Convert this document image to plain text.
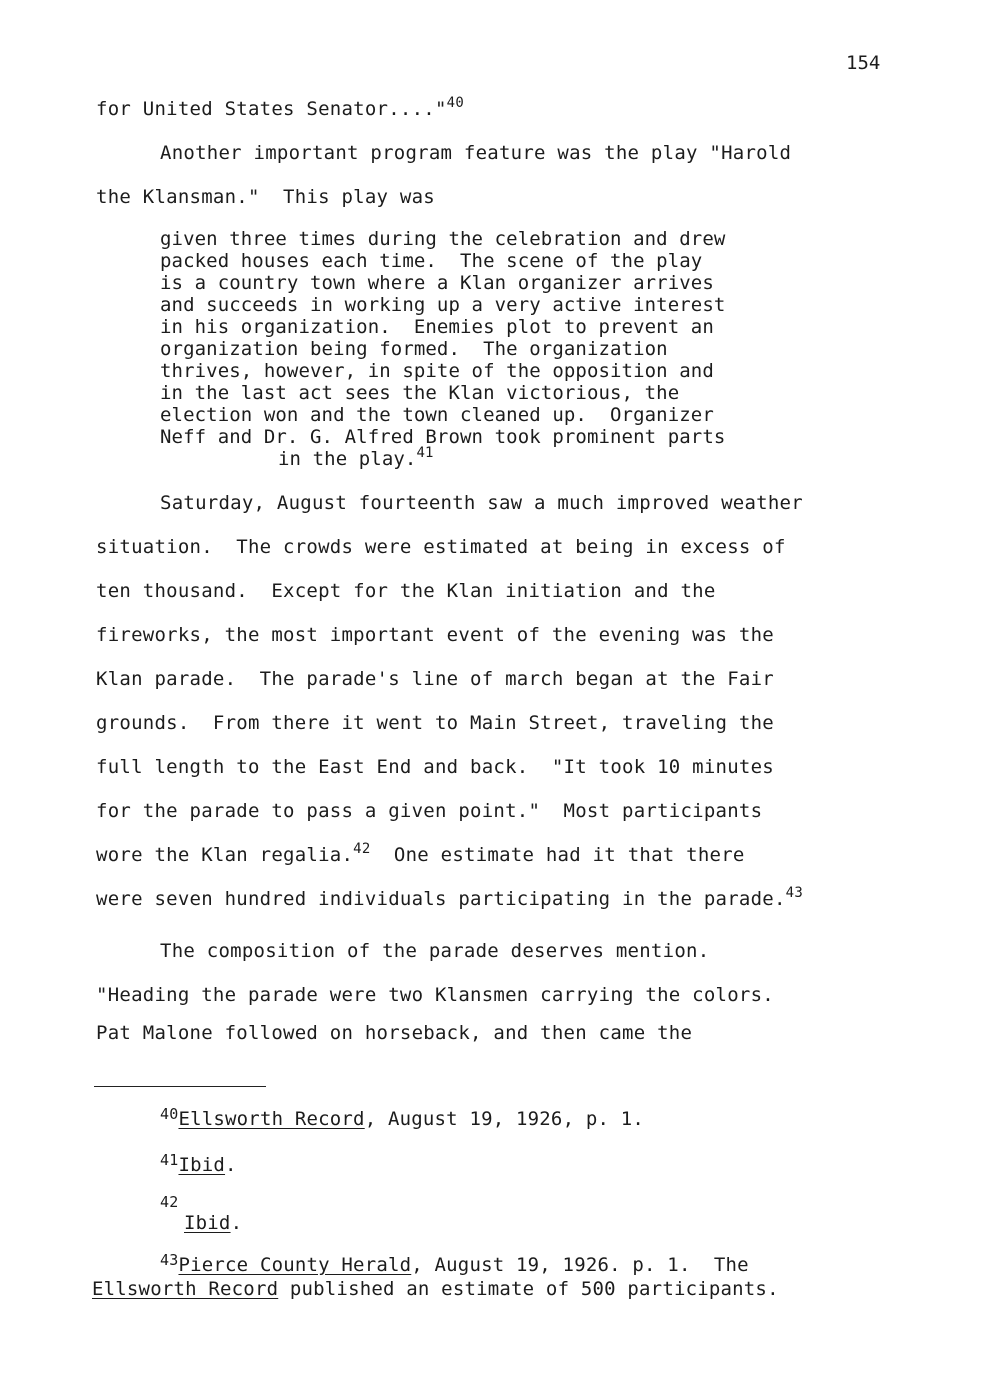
154
for United States Senator...."$^{40}$
Another important program feature was the play "Harold
the Klansman."  This play was
given three times during the celebration and drew
packed houses each time.  The scene of the play
is a country town where a Klan organizer arrives
and succeeds in working up a very active interest
in his organization.  Enemies plot to prevent an
organization being formed.  The organization
thrives, however, in spite of the opposition and
in the last act sees the Klan victorious, the
election won and the town cleaned up.  Organizer
Neff and Dr. G. Alfred Brown took prominent parts
in the play.$^{41}$
Saturday, August fourteenth saw a much improved weather
situation.  The crowds were estimated at being in excess of
ten thousand.  Except for the Klan initiation and the
fireworks, the most important event of the evening was the
Klan parade.  The parade's line of march began at the Fair
grounds.  From there it went to Main Street, traveling the
full length to the East End and back.  "It took 10 minutes
for the parade to pass a given point."  Most participants
wore the Klan regalia.$^{42}$  One estimate had it that there
were seven hundred individuals participating in the parade.$^{43}$
The composition of the parade deserves mention.
"Heading the parade were two Klansmen carrying the colors.
Pat Malone followed on horseback, and then came the
$^{40}$Ellsworth Record, August 19, 1926, p. 1.
$^{41}$Ibid.
$^{42}$
Ibid.
$^{43}$Pierce County Herald, August 19, 1926. p. 1.  The
Ellsworth Record published an estimate of 500 participants.
